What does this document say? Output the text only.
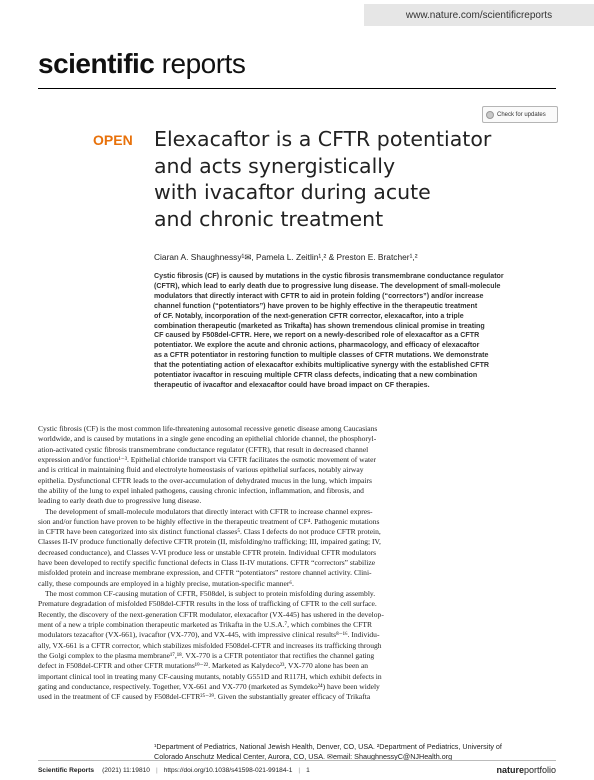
www.nature.com/scientificreports
scientific reports
Check for updates
OPEN Elexacaftor is a CFTR potentiator
and acts synergistically
with ivacaftor during acute
and chronic treatment
Ciaran A. Shaughnessy¹✉, Pamela L. Zeitlin¹,² & Preston E. Bratcher¹,²
Cystic fibrosis (CF) is caused by mutations in the cystic fibrosis transmembrane conductance regulator
(CFTR), which lead to early death due to progressive lung disease. The development of small-molecule
modulators that directly interact with CFTR to aid in protein folding (“correctors”) and/or increase
channel function (“potentiators”) have proven to be highly effective in the therapeutic treatment
of CF. Notably, incorporation of the next-generation CFTR corrector, elexacaftor, into a triple
combination therapeutic (marketed as Trikafta) has shown tremendous clinical promise in treating
CF caused by F508del-CFTR. Here, we report on a newly-described role of elexacaftor as a CFTR
potentiator. We explore the acute and chronic actions, pharmacology, and efficacy of elexacaftor
as a CFTR potentiator in restoring function to multiple classes of CFTR mutations. We demonstrate
that the potentiating action of elexacaftor exhibits multiplicative synergy with the established CFTR
potentiator ivacaftor in rescuing multiple CFTR class defects, indicating that a new combination
therapeutic of ivacaftor and elexacaftor could have broad impact on CF therapies.
Cystic fibrosis (CF) is the most common life-threatening autosomal recessive genetic disease among Caucasians
worldwide, and is caused by mutations in a single gene encoding an epithelial chloride channel, the phosphoryl-
ation-activated cystic fibrosis transmembrane conductance regulator (CFTR), that result in decreased channel
expression and/or function¹⁻³. Epithelial chloride transport via CFTR facilitates the osmotic movement of water
and is critical in maintaining fluid and electrolyte homeostasis of various epithelial surfaces, notably airway
epithelia. Dysfunctional CFTR leads to the over-accumulation of dehydrated mucus in the lung, which impairs
the ability of the lung to expel inhaled pathogens, causing chronic infection, inflammation, and fibrosis, and
leading to early death due to progressive lung disease.
The development of small-molecule modulators that directly interact with CFTR to increase channel expres-
sion and/or function have proven to be highly effective in the therapeutic treatment of CF⁴. Pathogenic mutations
in CFTR have been categorized into six distinct functional classes⁵. Class I defects do not produce CFTR protein,
Classes II-IV produce functionally defective CFTR protein (II, misfolding/no trafficking; III, impaired gating; IV,
decreased conductance), and Classes V-VI produce less or unstable CFTR protein. Individual CFTR modulators
have been developed to rectify specific functional defects in Class II-IV mutations. CFTR “correctors” stabilize
misfolded protein and increase membrane expression, and CFTR “potentiators” restore channel activity. Clini-
cally, these compounds are employed in a highly precise, mutation-specific manner⁶.
The most common CF-causing mutation of CFTR, F508del, is subject to protein misfolding during assembly.
Premature degradation of misfolded F508del-CFTR results in the loss of trafficking of CFTR to the cell surface.
Recently, the discovery of the next-generation CFTR modulator, elexacaftor (VX-445) has ushered in the develop-
ment of a new a triple combination therapeutic marketed as Trikafta in the U.S.A.⁷, which combines the CFTR
modulators tezacaftor (VX-661), ivacaftor (VX-770), and VX-445, with impressive clinical results⁸⁻¹⁶. Individu-
ally, VX-661 is a CFTR corrector, which stabilizes misfolded F508del-CFTR and increases its trafficking through
the Golgi complex to the plasma membrane¹⁷,¹⁸. VX-770 is a CFTR potentiator that rectifies the channel gating
defect in F508del-CFTR and other CFTR mutations¹⁹⁻²². Marketed as Kalydeco²³, VX-770 alone has been an
important clinical tool in treating many CF-causing mutants, notably G551D and R117H, which exhibit defects in
gating and conductance, respectively. Together, VX-661 and VX-770 (marketed as Symdeko²⁴) have been widely
used in the treatment of CF caused by F508del-CFTR²⁵⁻²⁹. Given the substantially greater efficacy of Trikafta
¹Department of Pediatrics, National Jewish Health, Denver, CO, USA. ²Department of Pediatrics, University of
Colorado Anschutz Medical Center, Aurora, CO, USA. ✉email: ShaughnessyC@NJHealth.org
Scientific Reports (2021) 11:19810 | https://doi.org/10.1038/s41598-021-99184-1 | 1	natureportfolio
